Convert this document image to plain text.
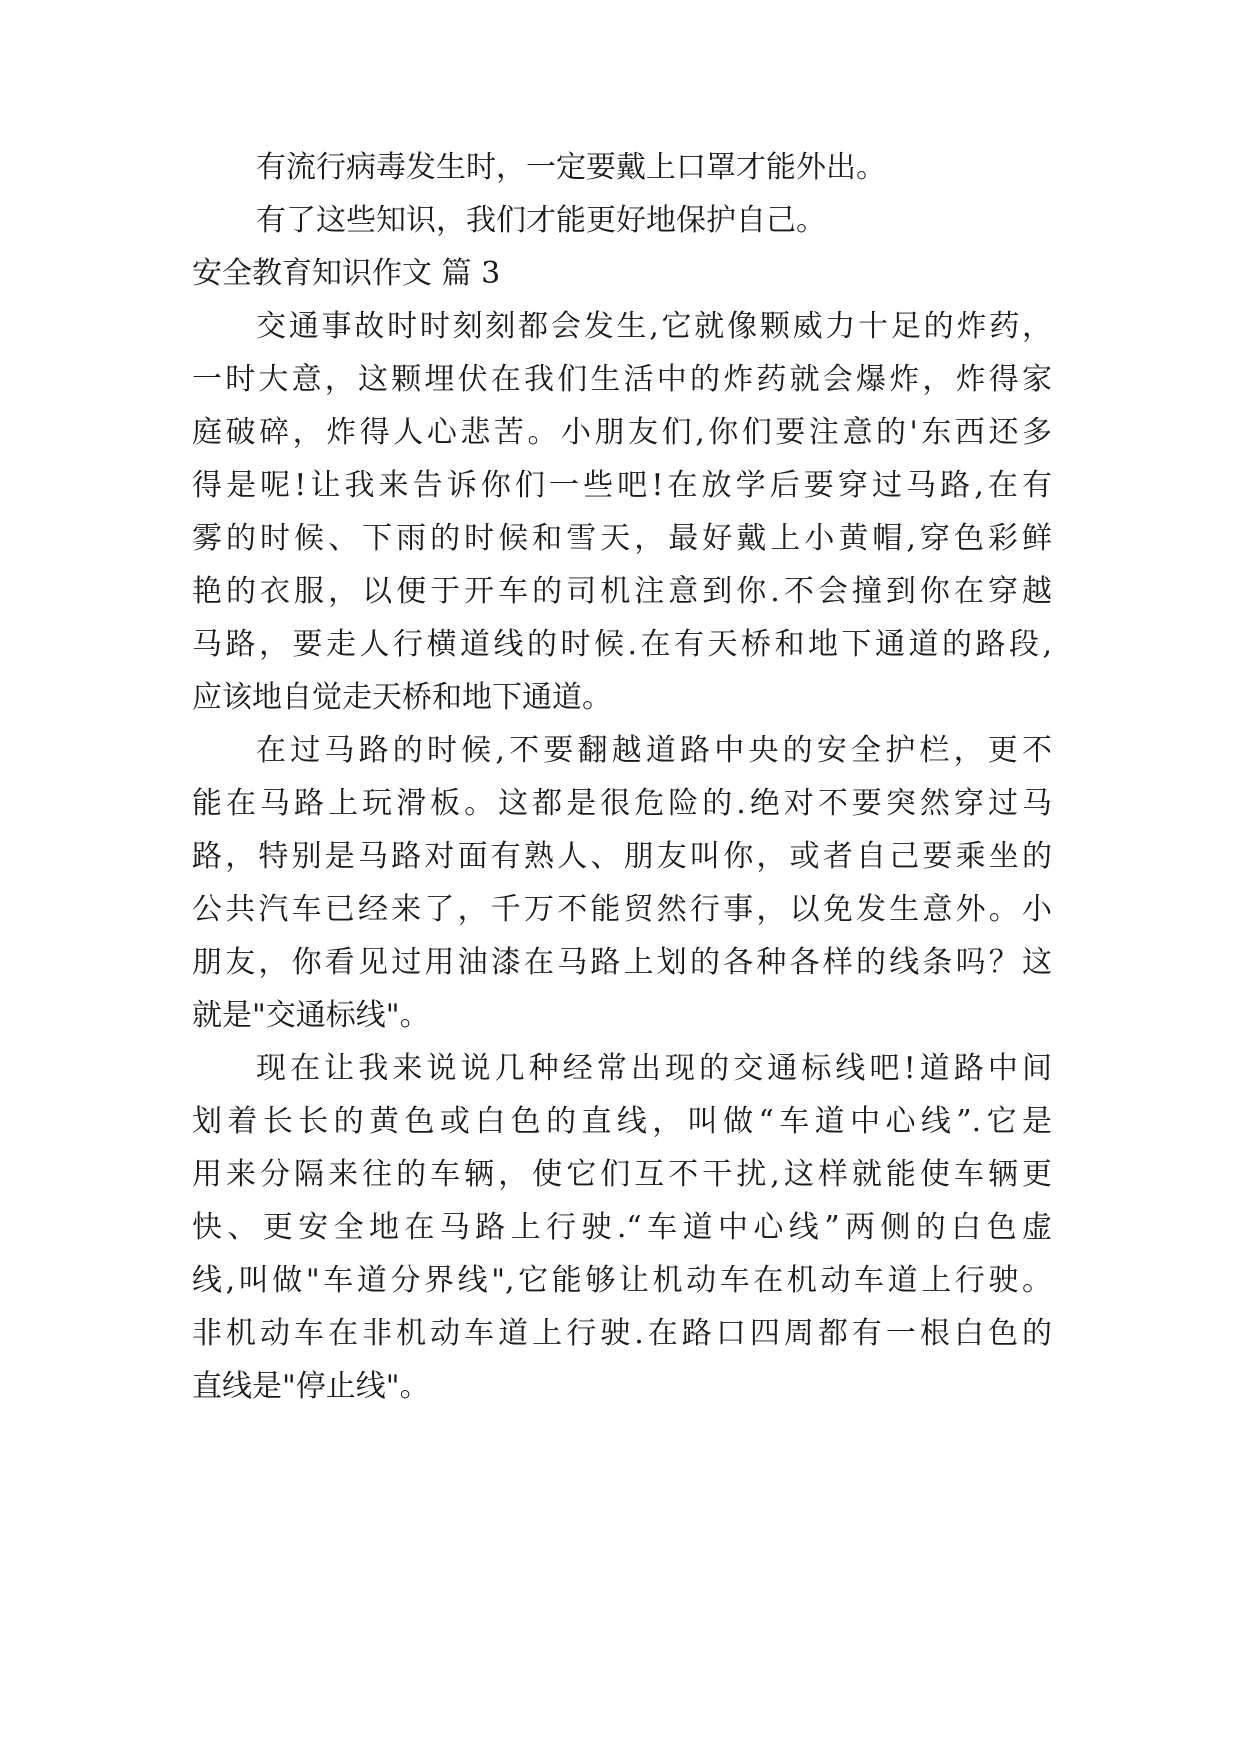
有流行病毒发生时，一定要戴上口罩才能外出。

有了这些知识，我们才能更好地保护自己。

安全教育知识作文 篇 3

交通事故时时刻刻都会发生,它就像颗威力十足的炸药，

一时大意，这颗埋伏在我们生活中的炸药就会爆炸，炸得家

庭破碎，炸得人心悲苦。小朋友们,你们要注意的'东西还多

得是呢!让我来告诉你们一些吧!在放学后要穿过马路,在有

雾的时候、下雨的时候和雪天，最好戴上小黄帽,穿色彩鲜

艳的衣服，以便于开车的司机注意到你.不会撞到你在穿越

马路，要走人行横道线的时候.在有天桥和地下通道的路段,

应该地自觉走天桥和地下通道。

在过马路的时候,不要翻越道路中央的安全护栏，更不

能在马路上玩滑板。这都是很危险的.绝对不要突然穿过马

路，特别是马路对面有熟人、朋友叫你，或者自己要乘坐的

公共汽车已经来了，千万不能贸然行事，以免发生意外。小

朋友，你看见过用油漆在马路上划的各种各样的线条吗？这

就是"交通标线"。

现在让我来说说几种经常出现的交通标线吧!道路中间

划着长长的黄色或白色的直线，叫做“车道中心线”.它是

用来分隔来往的车辆，使它们互不干扰,这样就能使车辆更

快、更安全地在马路上行驶.“车道中心线”两侧的白色虚

线,叫做"车道分界线",它能够让机动车在机动车道上行驶。

非机动车在非机动车道上行驶.在路口四周都有一根白色的

直线是"停止线"。
